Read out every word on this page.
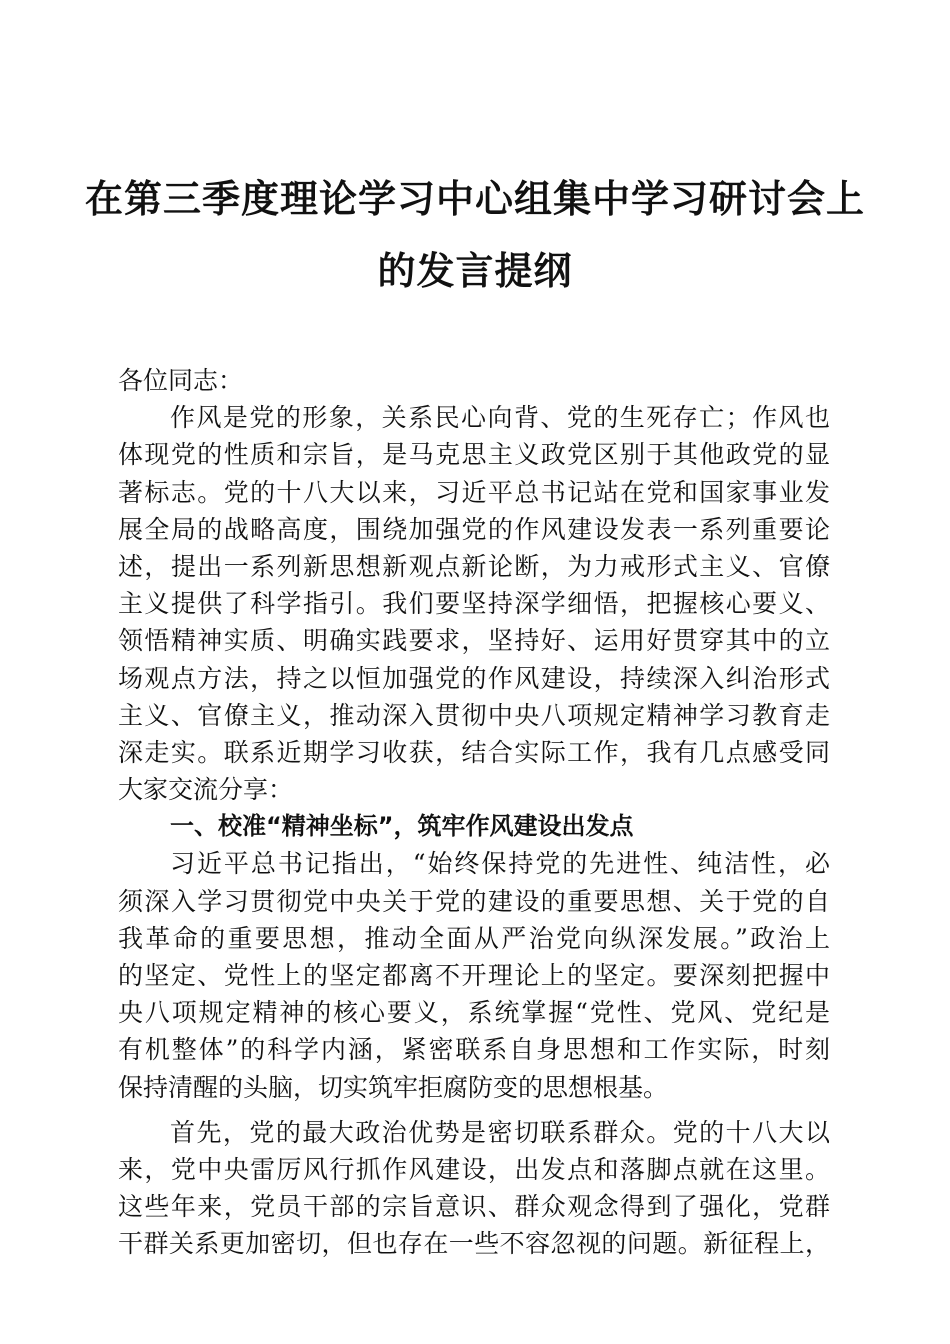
在第三季度理论学习中心组集中学习研讨会上
的发言提纲
各位同志：
作风是党的形象，关系民心向背、党的生死存亡；作风也
体现党的性质和宗旨，是马克思主义政党区别于其他政党的显
著标志。党的十八大以来，习近平总书记站在党和国家事业发
展全局的战略高度，围绕加强党的作风建设发表一系列重要论
述，提出一系列新思想新观点新论断，为力戒形式主义、官僚
主义提供了科学指引。我们要坚持深学细悟，把握核心要义、
领悟精神实质、明确实践要求，坚持好、运用好贯穿其中的立
场观点方法，持之以恒加强党的作风建设，持续深入纠治形式
主义、官僚主义，推动深入贯彻中央八项规定精神学习教育走
深走实。联系近期学习收获，结合实际工作，我有几点感受同
大家交流分享：
一、校准“精神坐标”，筑牢作风建设出发点
习近平总书记指出，“始终保持党的先进性、纯洁性，必
须深入学习贯彻党中央关于党的建设的重要思想、关于党的自
我革命的重要思想，推动全面从严治党向纵深发展。”政治上
的坚定、党性上的坚定都离不开理论上的坚定。要深刻把握中
央八项规定精神的核心要义，系统掌握“党性、党风、党纪是
有机整体”的科学内涵，紧密联系自身思想和工作实际，时刻
保持清醒的头脑，切实筑牢拒腐防变的思想根基。
首先，党的最大政治优势是密切联系群众。党的十八大以
来，党中央雷厉风行抓作风建设，出发点和落脚点就在这里。
这些年来，党员干部的宗旨意识、群众观念得到了强化，党群
干群关系更加密切，但也存在一些不容忽视的问题。新征程上，
